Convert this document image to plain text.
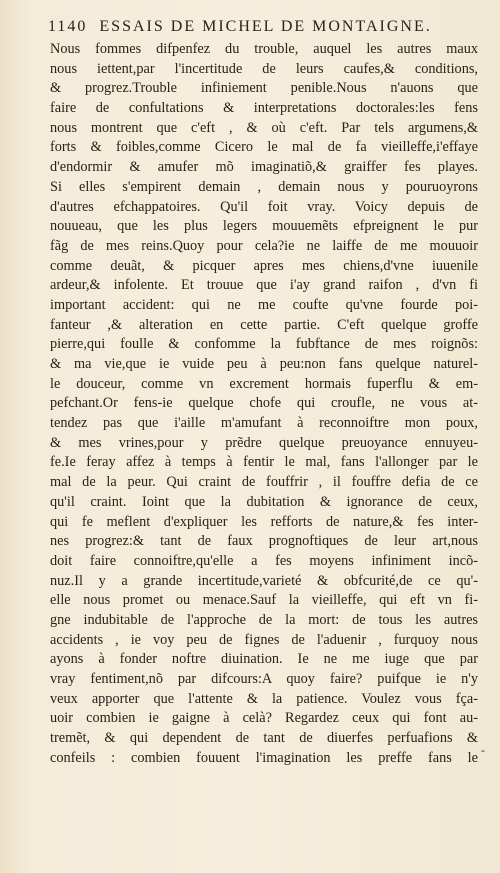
1140 ESSAIS DE MICHEL DE MONTAIGNE.
Nous fommes difpenfez du trouble, auquel les autres maux
nous iettent,par l'incertitude de leurs caufes,& conditions,
& progrez.Trouble infiniement penible.Nous n'auons que
faire de confultations & interpretations doctorales:les fens
nous montrent que c'eft , & où c'eft. Par tels argumens,&
forts & foibles,comme Cicero le mal de fa vieilleffe,i'effaye
d'endormir & amufer mõ imaginatiõ,& graiffer fes playes.
Si elles s'empirent demain , demain nous y pouruoyrons
d'autres efchappatoires. Qu'il foit vray. Voicy depuis de
nouueau, que les plus legers mouuemẽts efpreignent le pur
fãg de mes reins.Quoy pour cela?ie ne laiffe de me mouuoir
comme deuãt, & picquer apres mes chiens,d'vne iuuenile
ardeur,& infolente. Et trouue que i'ay grand raifon , d'vn fi
important accident: qui ne me coufte qu'vne fourde poi-
fanteur ,& alteration en cette partie. C'eft quelque groffe
pierre,qui foulle & confomme la fubftance de mes roignõs:
& ma vie,que ie vuide peu à peu:non fans quelque naturel-
le douceur, comme vn excrement hormais fuperflu & em-
pefchant.Or fens-ie quelque chofe qui croufle, ne vous at-
tendez pas que i'aille m'amufant à reconnoiftre mon poux,
& mes vrines,pour y prẽdre quelque preuoyance ennuyeu-
fe.Ie feray affez à temps à fentir le mal, fans l'allonger par le
mal de la peur. Qui craint de fouffrir , il fouffre defia de ce
qu'il craint. Ioint que la dubitation & ignorance de ceux,
qui fe meflent d'expliquer les refforts de nature,& fes inter-
nes progrez:& tant de faux prognoftiques de leur art,nous
doit faire connoiftre,qu'elle a fes moyens infiniment incõ-
nuz.Il y a grande incertitude,varieté & obfcurité,de ce qu'-
elle nous promet ou menace.Sauf la vieilleffe, qui eft vn fi-
gne indubitable de l'approche de la mort: de tous les autres
accidents , ie voy peu de fignes de l'aduenir , furquoy nous
ayons à fonder noftre diuination. Ie ne me iuge que par
vray fentiment,nõ par difcours:A quoy faire? puifque ie n'y
veux apporter que l'attente & la patience. Voulez vous fça-
uoir combien ie gaigne à celà? Regardez ceux qui font au-
tremẽt, & qui dependent de tant de diuerfes perfuafions &
confeils : combien fouuent l'imagination les preffe fans le -
